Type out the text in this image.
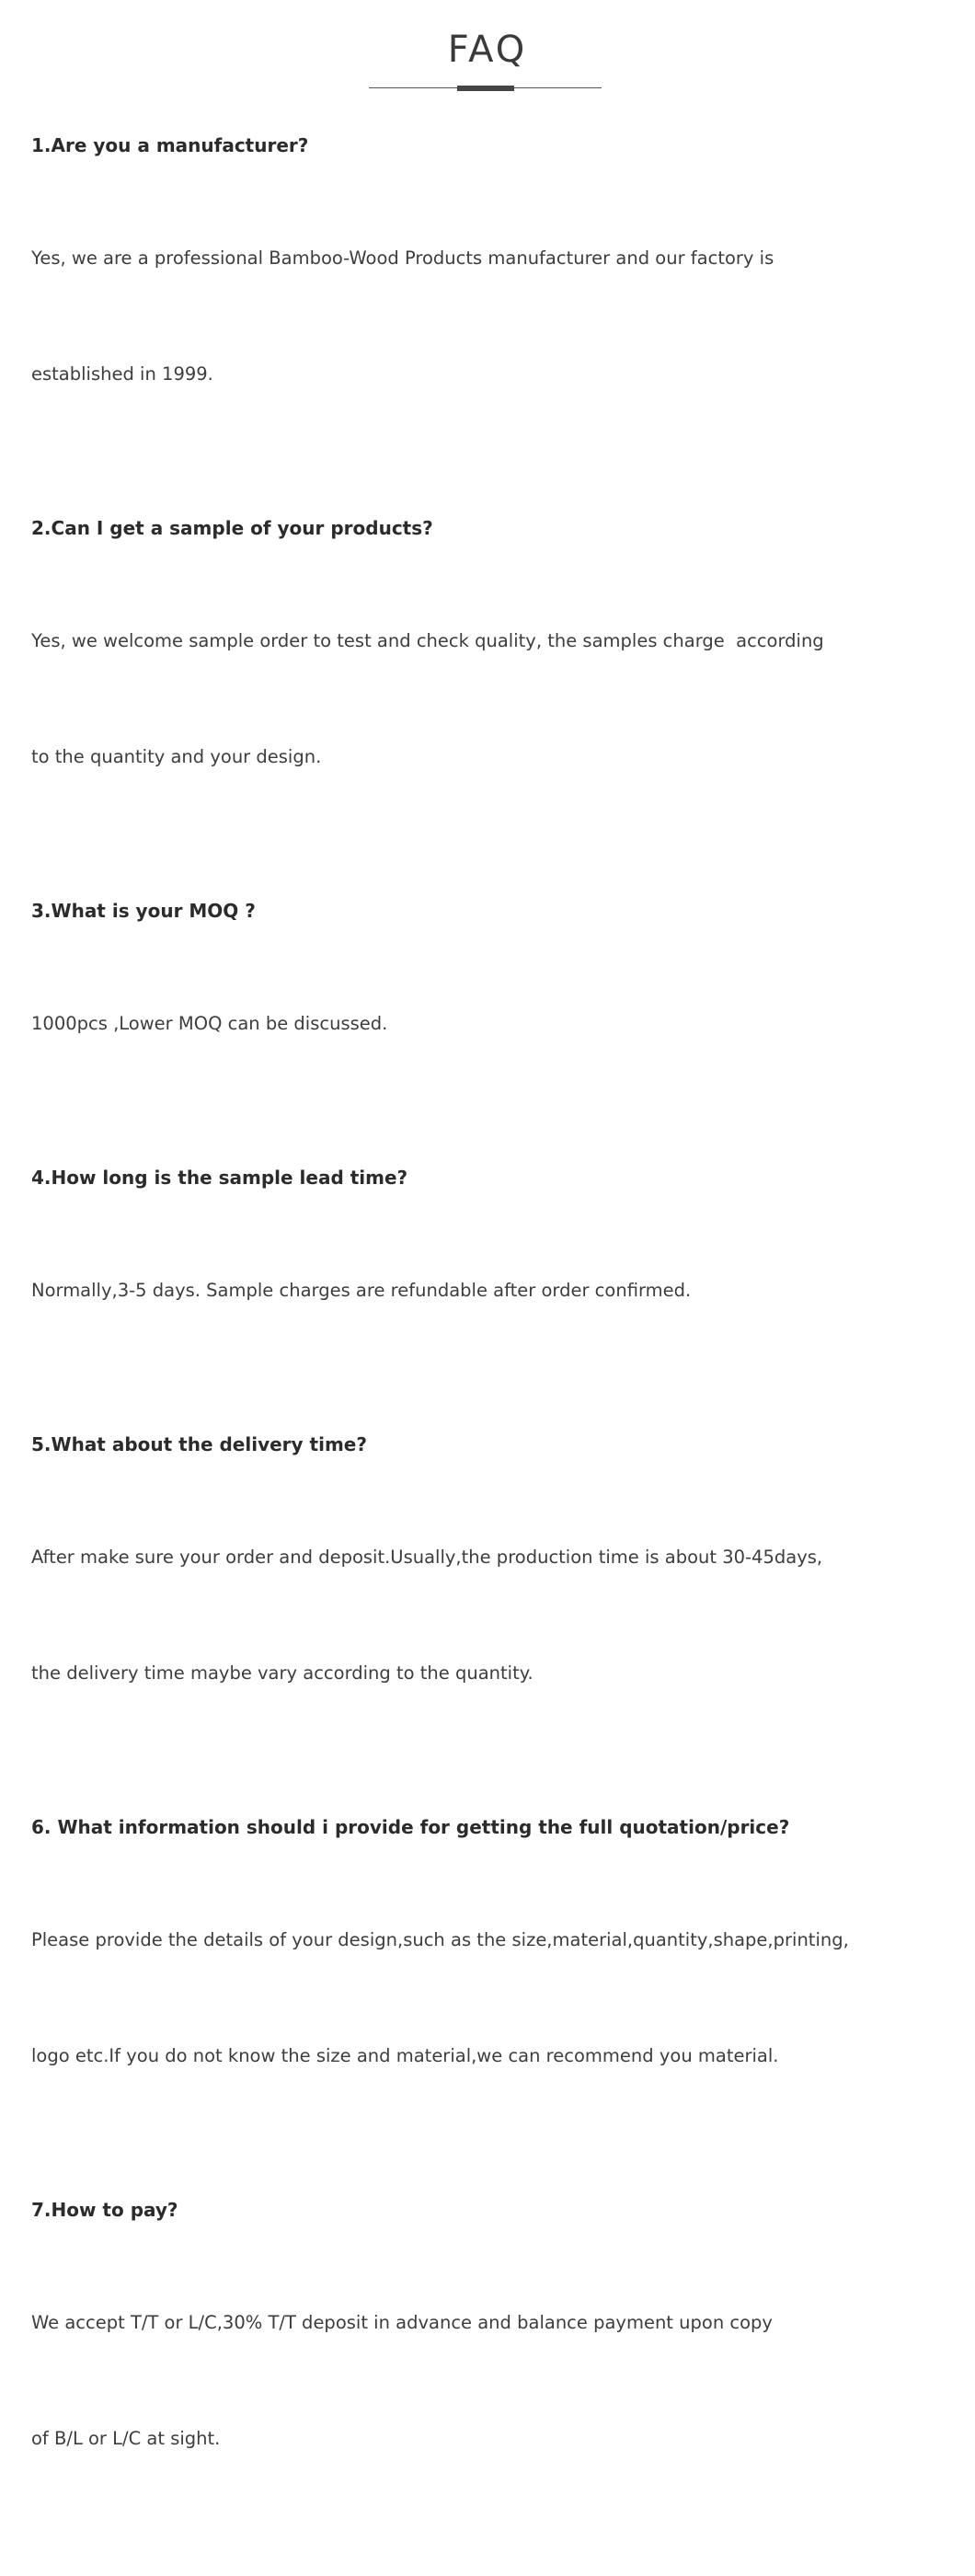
FAQ
1.Are you a manufacturer?

Yes, we are a professional Bamboo-Wood Products manufacturer and our factory is

established in 1999.

2.Can I get a sample of your products?

Yes, we welcome sample order to test and check quality, the samples charge  according

to the quantity and your design.

3.What is your MOQ ?

1000pcs ,Lower MOQ can be discussed.

4.How long is the sample lead time?

Normally,3-5 days. Sample charges are refundable after order confirmed.

5.What about the delivery time?

After make sure your order and deposit.Usually,the production time is about 30-45days,

the delivery time maybe vary according to the quantity.

6. What information should i provide for getting the full quotation/price?

Please provide the details of your design,such as the size,material,quantity,shape,printing,

logo etc.If you do not know the size and material,we can recommend you material.

7.How to pay?

We accept T/T or L/C,30% T/T deposit in advance and balance payment upon copy

of B/L or L/C at sight.
